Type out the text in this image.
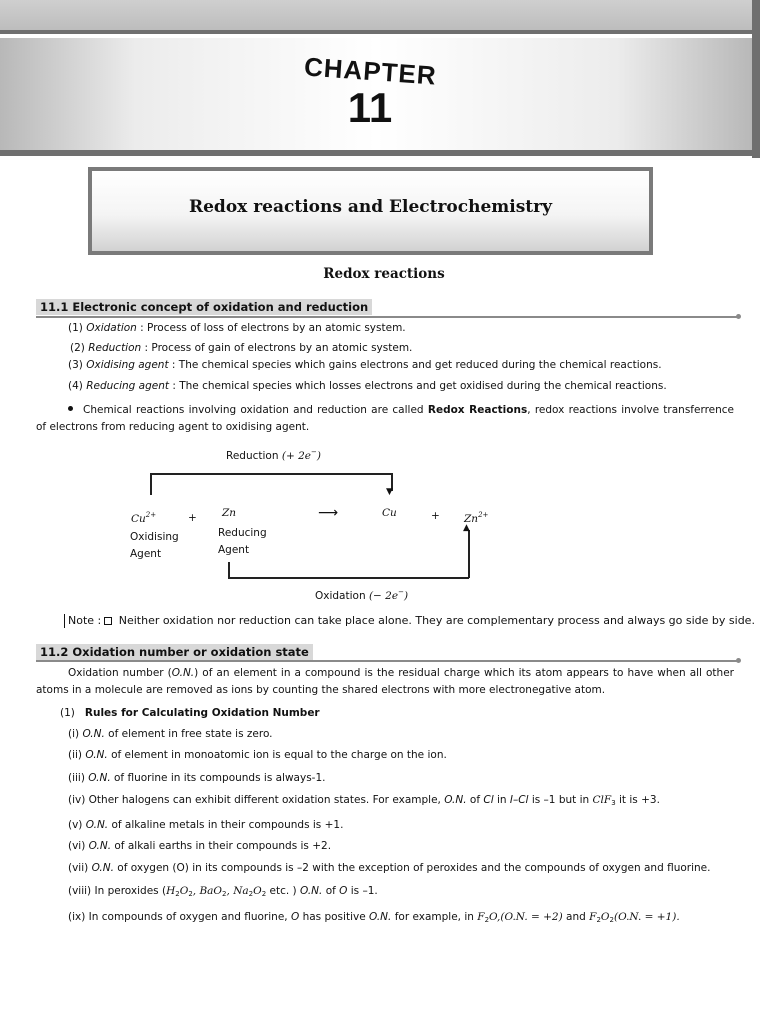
CHAPTER
11
Redox reactions and Electrochemistry
Redox reactions
11.1 Electronic concept of oxidation and reduction
(1) Oxidation : Process of loss of electrons by an atomic system.
(2) Reduction : Process of gain of electrons by an atomic system.
(3) Oxidising agent : The chemical species which gains electrons and get reduced during the chemical reactions.
(4) Reducing agent : The chemical species which losses electrons and get oxidised during the chemical reactions.
Chemical reactions involving oxidation and reduction are called Redox Reactions, redox reactions involve transferrence of electrons from reducing agent to oxidising agent.
Reduction (+ 2e−)
▼
$Cu^{2+}$	+ Zn	⟶	Cu	+ $Zn^{2+}$
Oxidising
Agent
Reducing
Agent
▲
Oxidation (− 2e−)
Note : Neither oxidation nor reduction can take place alone. They are complementary process and always go side by side.
11.2 Oxidation number or oxidation state
Oxidation number (O.N.) of an element in a compound is the residual charge which its atom appears to have when all other atoms in a molecule are removed as ions by counting the shared electrons with more electronegative atom.
(1) Rules for Calculating Oxidation Number
(i) O.N. of element in free state is zero.
(ii) O.N. of element in monoatomic ion is equal to the charge on the ion.
(iii) O.N. of fluorine in its compounds is always-1.
(iv) Other halogens can exhibit different oxidation states. For example, O.N. of Cl in I–Cl is –1 but in ClF$_3$ it is +3.
(v) O.N. of alkaline metals in their compounds is +1.
(vi) O.N. of alkali earths in their compounds is +2.
(vii) O.N. of oxygen (O) in its compounds is –2 with the exception of peroxides and the compounds of oxygen and fluorine.
(viii) In peroxides ($H_2O_2$, BaO$_2$, $Na_2O_2$ etc. ) O.N. of O is –1.
(ix) In compounds of oxygen and fluorine, O has positive O.N. for example, in $F_2O,(O.N$. = +2) and $F_2O_2(O.N$. = +1).
